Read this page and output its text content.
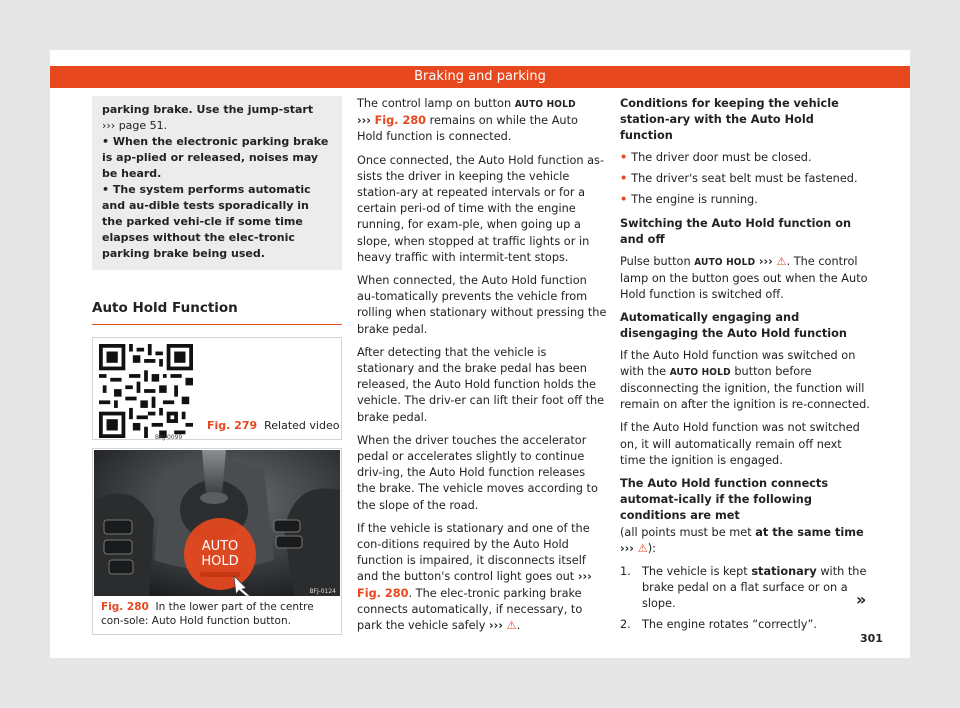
Braking and parking
parking brake. Use the jump-start
››› page 51.
• When the electronic parking brake is ap-plied or released, noises may be heard.
• The system performs automatic and au-dible tests sporadically in the parked vehi-cle if some time elapses without the elec-tronic parking brake being used.
Auto Hold Function
BXJ-0099
Fig. 279 Related video
AUTO
HOLD
BFJ-0124
Fig. 280 In the lower part of the centre con-sole: Auto Hold function button.

The control lamp on button AUTO HOLD
››› Fig. 280 remains on while the Auto Hold function is connected.

Once connected, the Auto Hold function as-sists the driver in keeping the vehicle station-ary at repeated intervals or for a certain peri-od of time with the engine running, for exam-ple, when going up a slope, when stopped at traffic lights or in heavy traffic with intermit-tent stops.

When connected, the Auto Hold function au-tomatically prevents the vehicle from rolling when stationary without pressing the brake pedal.

After detecting that the vehicle is stationary and the brake pedal has been released, the Auto Hold function holds the vehicle. The driv-er can lift their foot off the brake pedal.

When the driver touches the accelerator pedal or accelerates slightly to continue driv-ing, the Auto Hold function releases the brake. The vehicle moves according to the slope of the road.

If the vehicle is stationary and one of the con-ditions required by the Auto Hold function is impaired, it disconnects itself and the button's control light goes out ››› Fig. 280. The elec-tronic parking brake connects automatically, if necessary, to park the vehicle safely ››› ⚠.

Conditions for keeping the vehicle station-ary with the Auto Hold function
• The driver door must be closed.
• The driver's seat belt must be fastened.
• The engine is running.
Switching the Auto Hold function on and off

Pulse button AUTO HOLD ››› ⚠. The control lamp on the button goes out when the Auto Hold function is switched off.

Automatically engaging and disengaging the Auto Hold function

If the Auto Hold function was switched on with the AUTO HOLD button before disconnecting the ignition, the function will remain on after the ignition is re-connected.

If the Auto Hold function was not switched on, it will automatically remain off next time the ignition is engaged.

The Auto Hold function connects automat-ically if the following conditions are met

(all points must be met at the same time
››› ⚠):

1. The vehicle is kept stationary with the brake pedal on a flat surface or on a slope.
2. The engine rotates “correctly”.
»
301
